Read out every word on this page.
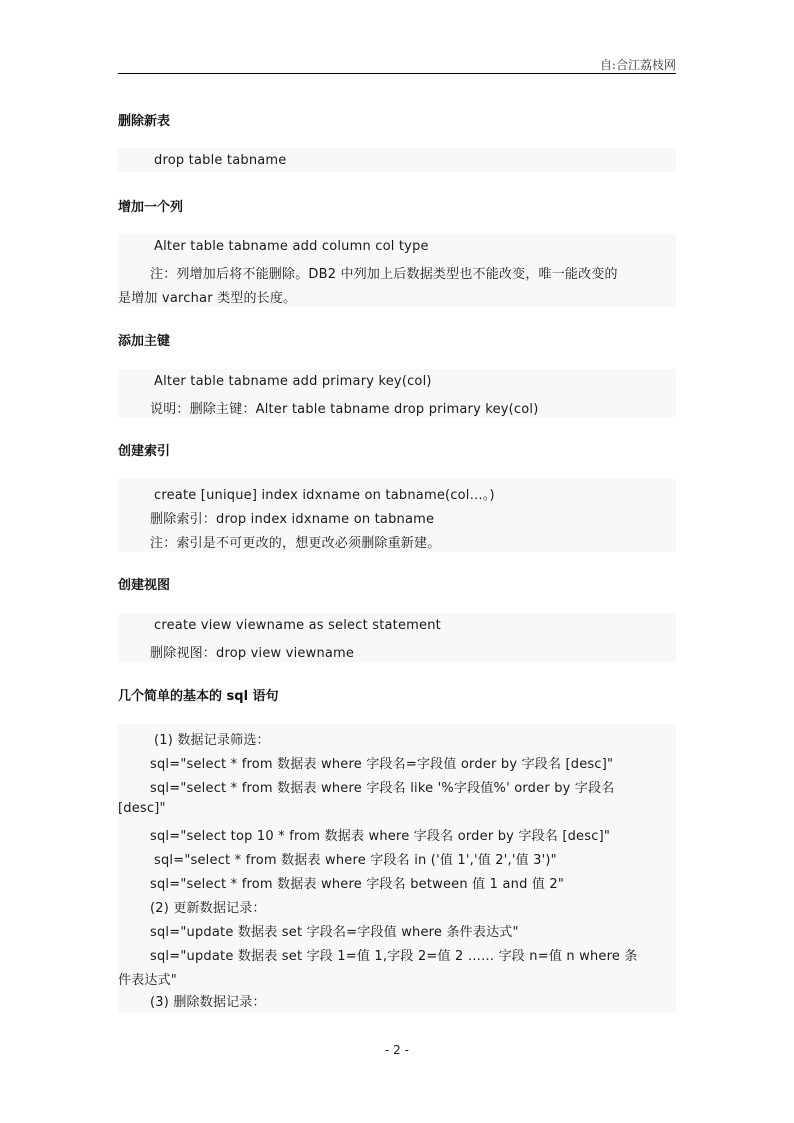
自:合江荔枝网
删除新表
drop table tabname
增加一个列
Alter table tabname add column col type
注：列增加后将不能删除。DB2 中列加上后数据类型也不能改变，唯一能改变的
是增加 varchar 类型的长度。
添加主键
Alter table tabname add primary key(col)
说明：删除主键：Alter table tabname drop primary key(col)
创建索引
create [unique] index idxname on tabname(col…。)
删除索引：drop index idxname on tabname
注：索引是不可更改的，想更改必须删除重新建。
创建视图
create view viewname as select statement
删除视图：drop view viewname
几个简单的基本的 sql 语句
(1) 数据记录筛选：
sql="select * from 数据表 where 字段名=字段值 order by 字段名 [desc]"
sql="select * from 数据表 where 字段名 like '%字段值%' order by 字段名
[desc]"
sql="select top 10 * from 数据表 where 字段名 order by 字段名 [desc]"
sql="select * from 数据表 where 字段名 in ('值 1','值 2','值 3')"
sql="select * from 数据表 where 字段名 between 值 1 and 值 2"
(2) 更新数据记录：
sql="update 数据表 set 字段名=字段值 where 条件表达式"
sql="update 数据表 set 字段 1=值 1,字段 2=值 2 …… 字段 n=值 n where 条
件表达式"
(3) 删除数据记录：
- 2 -
